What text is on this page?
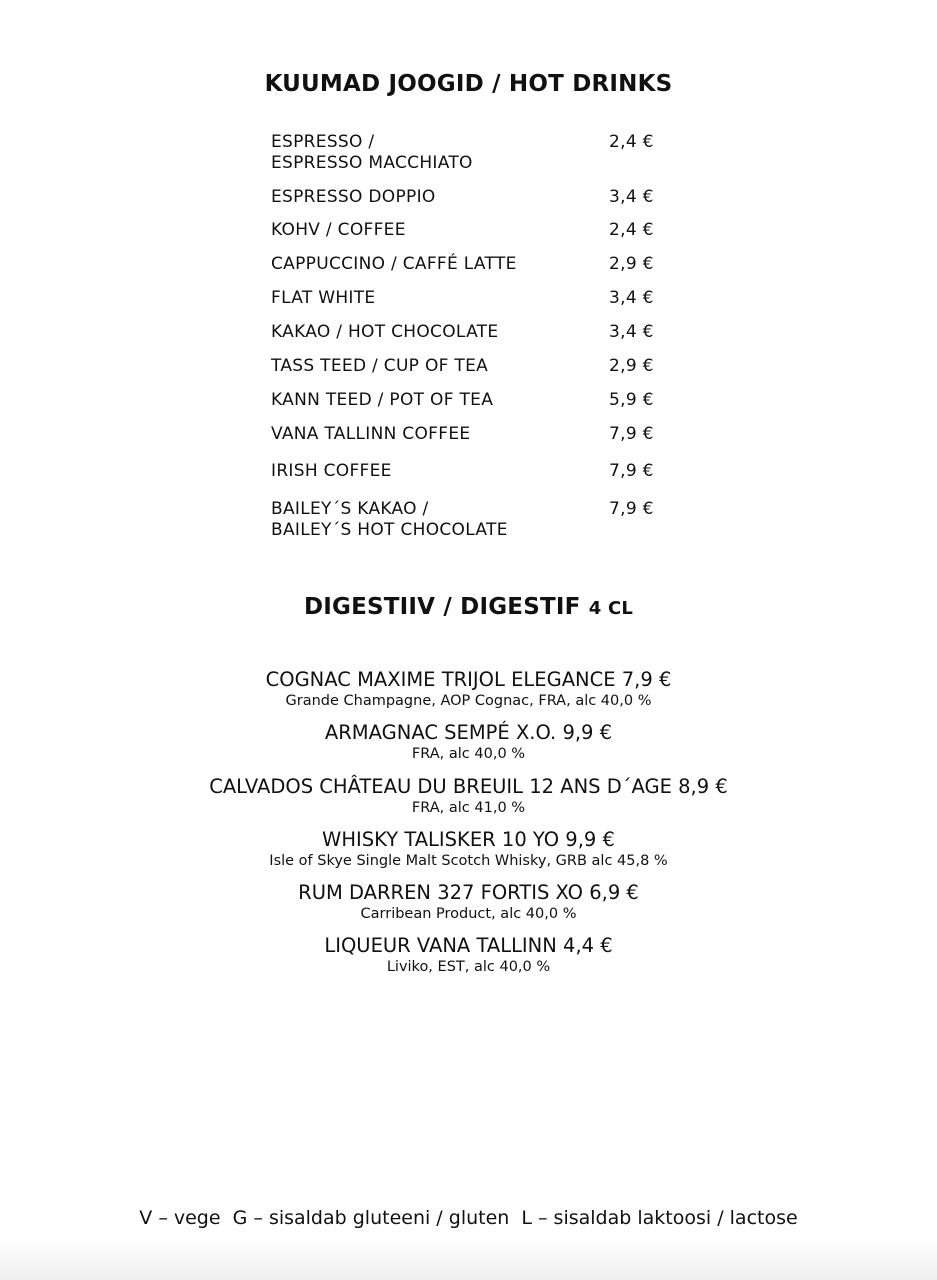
KUUMAD JOOGID / HOT DRINKS
ESPRESSO /
ESPRESSO MACCHIATO
2,4 €
ESPRESSO DOPPIO	3,4 €
KOHV / COFFEE	2,4 €
CAPPUCCINO / CAFFÉ LATTE	2,9 €
FLAT WHITE	3,4 €
KAKAO / HOT CHOCOLATE	3,4 €
TASS TEED / CUP OF TEA	2,9 €
KANN TEED / POT OF TEA	5,9 €
VANA TALLINN COFFEE	7,9 €
IRISH COFFEE	7,9 €
BAILEY´S KAKAO /
BAILEY´S HOT CHOCOLATE
7,9 €
DIGESTIIV / DIGESTIF 4 CL
COGNAC MAXIME TRIJOL ELEGANCE 7,9 €
Grande Champagne, AOP Cognac, FRA, alc 40,0 %
ARMAGNAC SEMPÉ X.O. 9,9 €
FRA, alc 40,0 %
CALVADOS CHÂTEAU DU BREUIL 12 ANS D´AGE 8,9 €
FRA, alc 41,0 %
WHISKY TALISKER 10 YO 9,9 €
Isle of Skye Single Malt Scotch Whisky, GRB alc 45,8 %
RUM DARREN 327 FORTIS XO 6,9 €
Carribean Product, alc 40,0 %
LIQUEUR VANA TALLINN 4,4 €
Liviko, EST, alc 40,0 %
V – vege  G – sisaldab gluteeni / gluten  L – sisaldab laktoosi / lactose
